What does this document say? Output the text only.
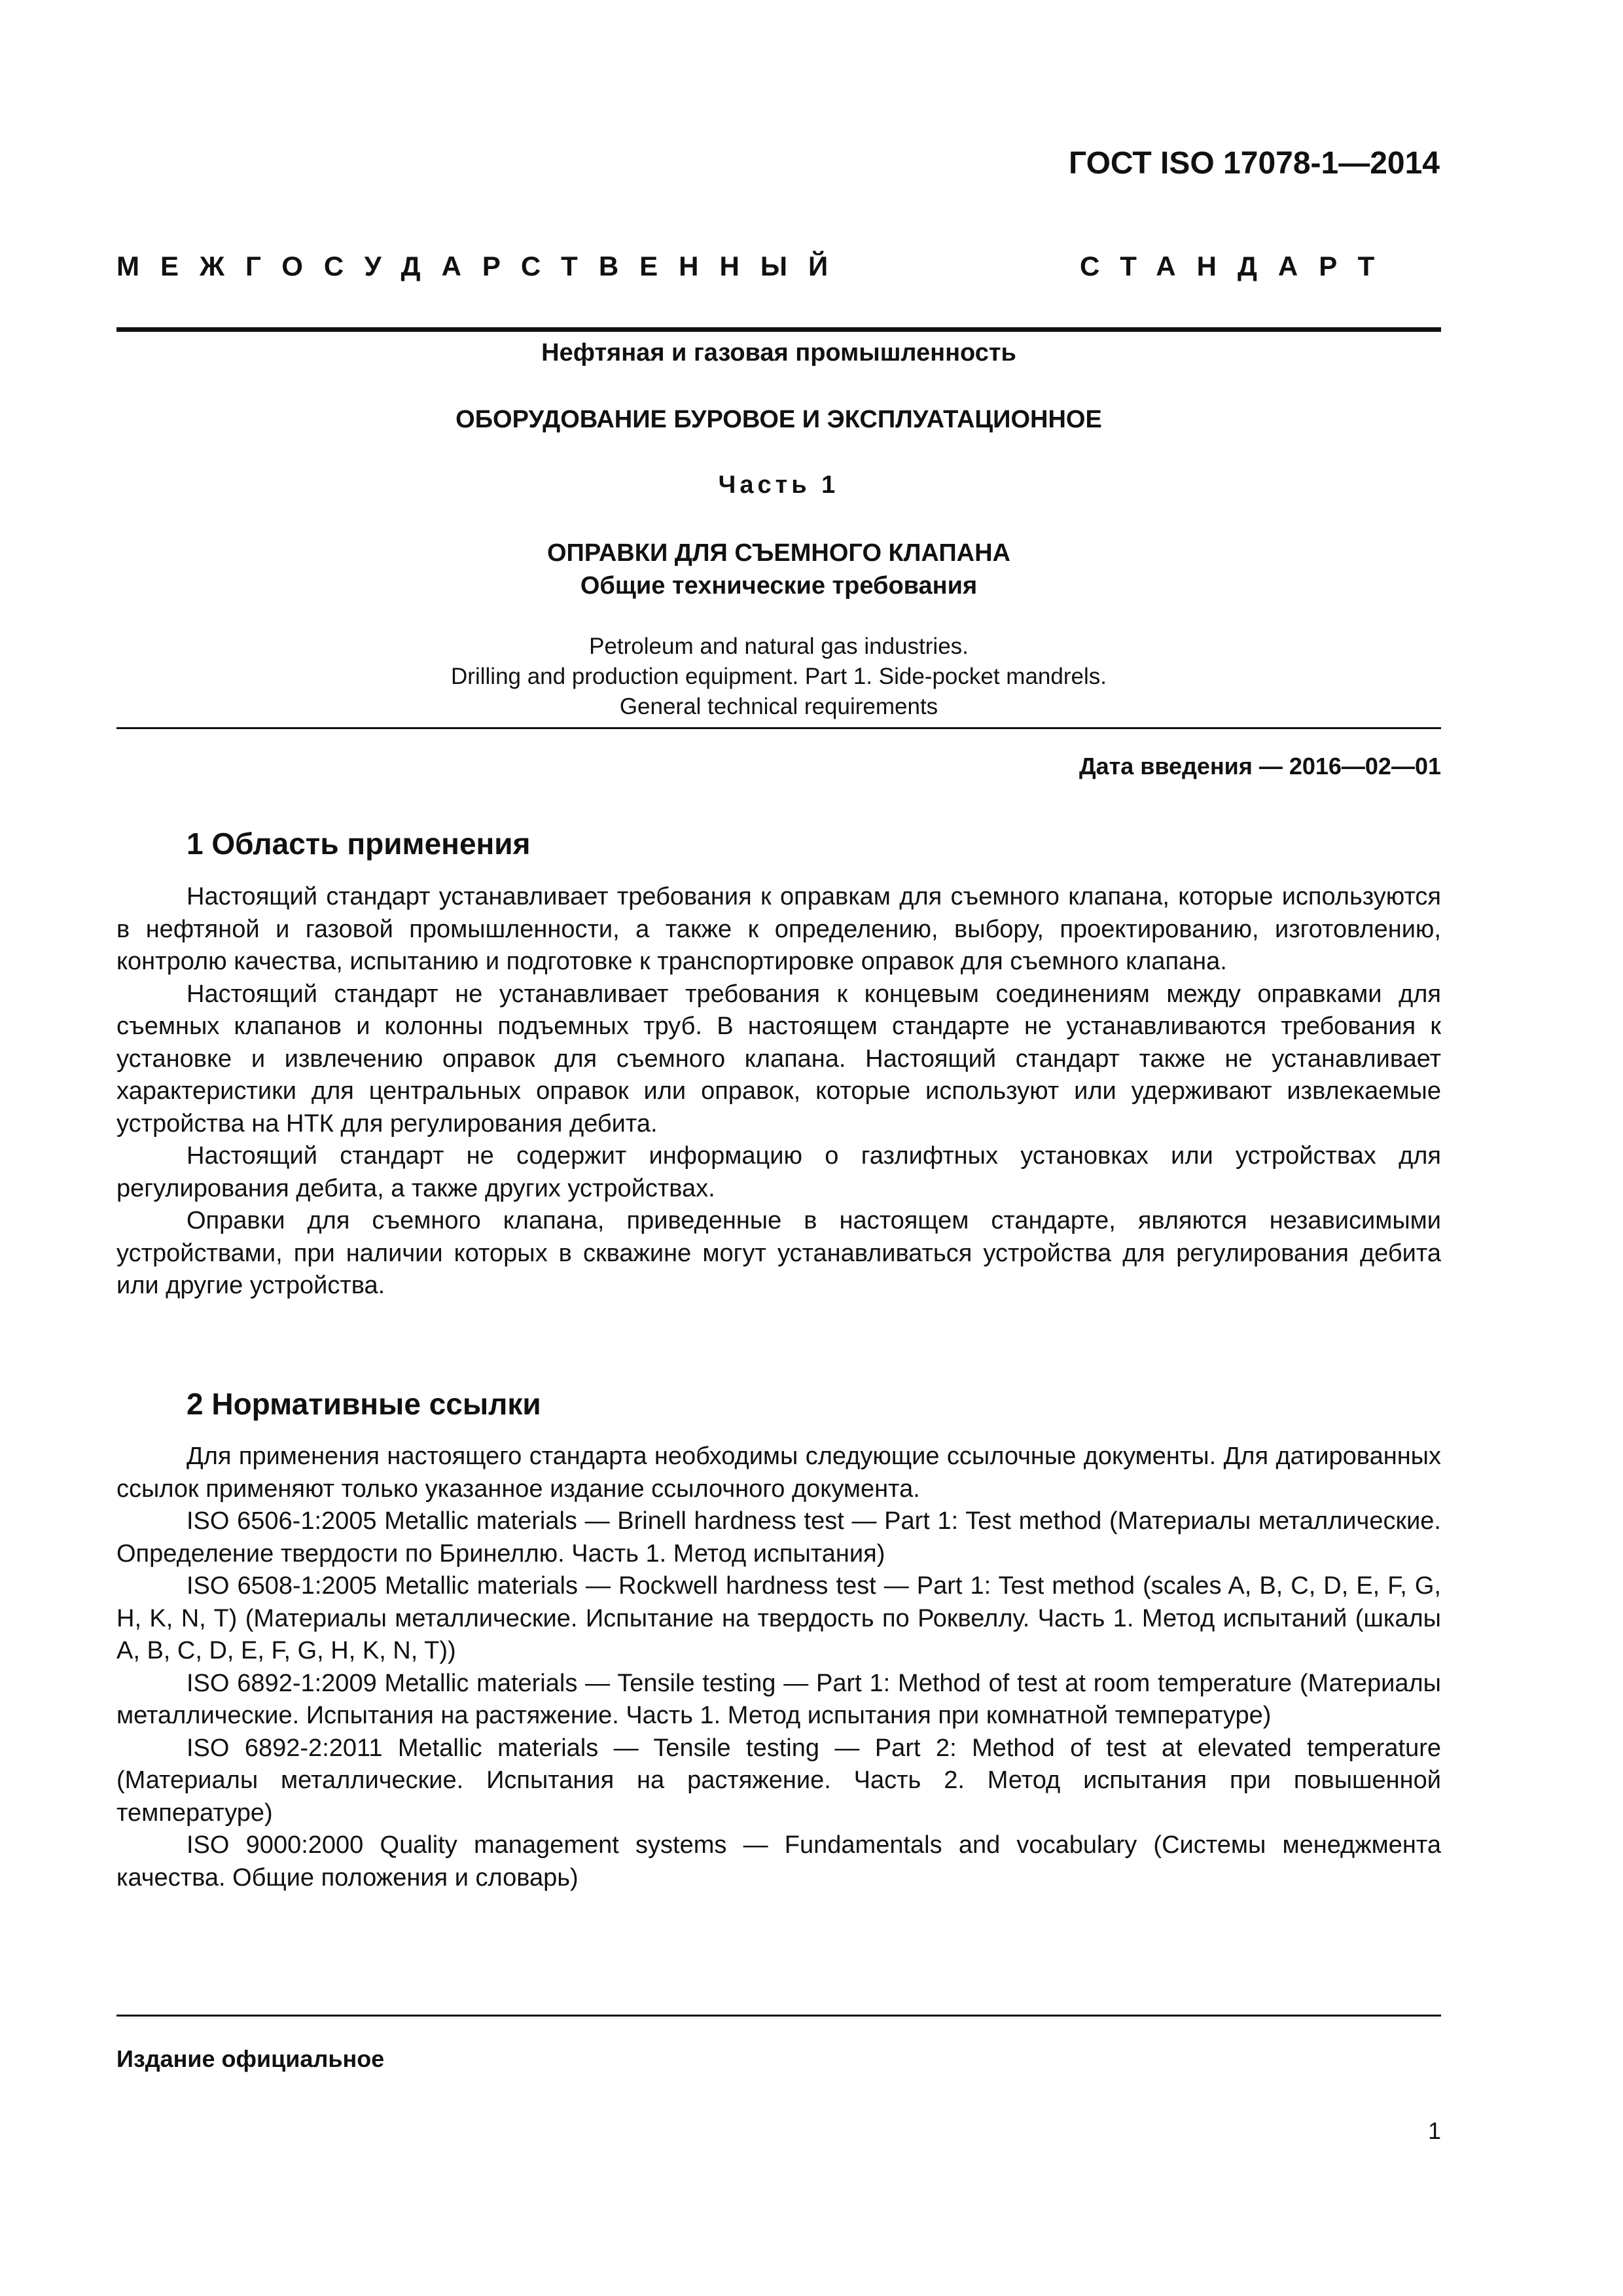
ГОСТ ISO 17078-1—2014
МЕЖГОСУДАРСТВЕННЫЙ	СТАНДАРТ
Нефтяная и газовая промышленность
ОБОРУДОВАНИЕ БУРОВОЕ И ЭКСПЛУАТАЦИОННОЕ
Часть 1
ОПРАВКИ ДЛЯ СЪЕМНОГО КЛАПАНА
Общие технические требования
Petroleum and natural gas industries.
Drilling and production equipment. Part 1. Side-pocket mandrels.
General technical requirements
Дата введения — 2016—02—01
1 Область применения

Настоящий стандарт устанавливает требования к оправкам для съемного клапана, которые используются в нефтяной и газовой промышленности, а также к определению, выбору, проектированию, изготовлению, контролю качества, испытанию и подготовке к транспортировке оправок для съемного клапана.

Настоящий стандарт не устанавливает требования к концевым соединениям между оправками для съемных клапанов и колонны подъемных труб. В настоящем стандарте не устанавливаются требования к установке и извлечению оправок для съемного клапана. Настоящий стандарт также не устанавливает характеристики для центральных оправок или оправок, которые используют или удерживают извлекаемые устройства на НТК для регулирования дебита.

Настоящий стандарт не содержит информацию о газлифтных установках или устройствах для регулирования дебита, а также других устройствах.

Оправки для съемного клапана, приведенные в настоящем стандарте, являются независимыми устройствами, при наличии которых в скважине могут устанавливаться устройства для регулирования дебита или другие устройства.

2 Нормативные ссылки

Для применения настоящего стандарта необходимы следующие ссылочные документы. Для датированных ссылок применяют только указанное издание ссылочного документа.

ISO 6506-1:2005 Metallic materials — Brinell hardness test — Part 1: Test method (Материалы металлические. Определение твердости по Бринеллю. Часть 1. Метод испытания)

ISO 6508-1:2005 Metallic materials — Rockwell hardness test — Part 1: Test method (scales A, B, C, D, E, F, G, H, K, N, T) (Материалы металлические. Испытание на твердость по Роквеллу. Часть 1. Метод испытаний (шкалы A, B, C, D, E, F, G, H, K, N, T))

ISO 6892-1:2009 Metallic materials — Tensile testing — Part 1: Method of test at room temperature (Материалы металлические. Испытания на растяжение. Часть 1. Метод испытания при комнатной температуре)

ISO 6892-2:2011 Metallic materials — Tensile testing — Part 2: Method of test at elevated temperature (Материалы металлические. Испытания на растяжение. Часть 2. Метод испытания при повышенной температуре)

ISO 9000:2000 Quality management systems — Fundamentals and vocabulary (Системы менеджмента качества. Общие положения и словарь)

Издание официальное
1
